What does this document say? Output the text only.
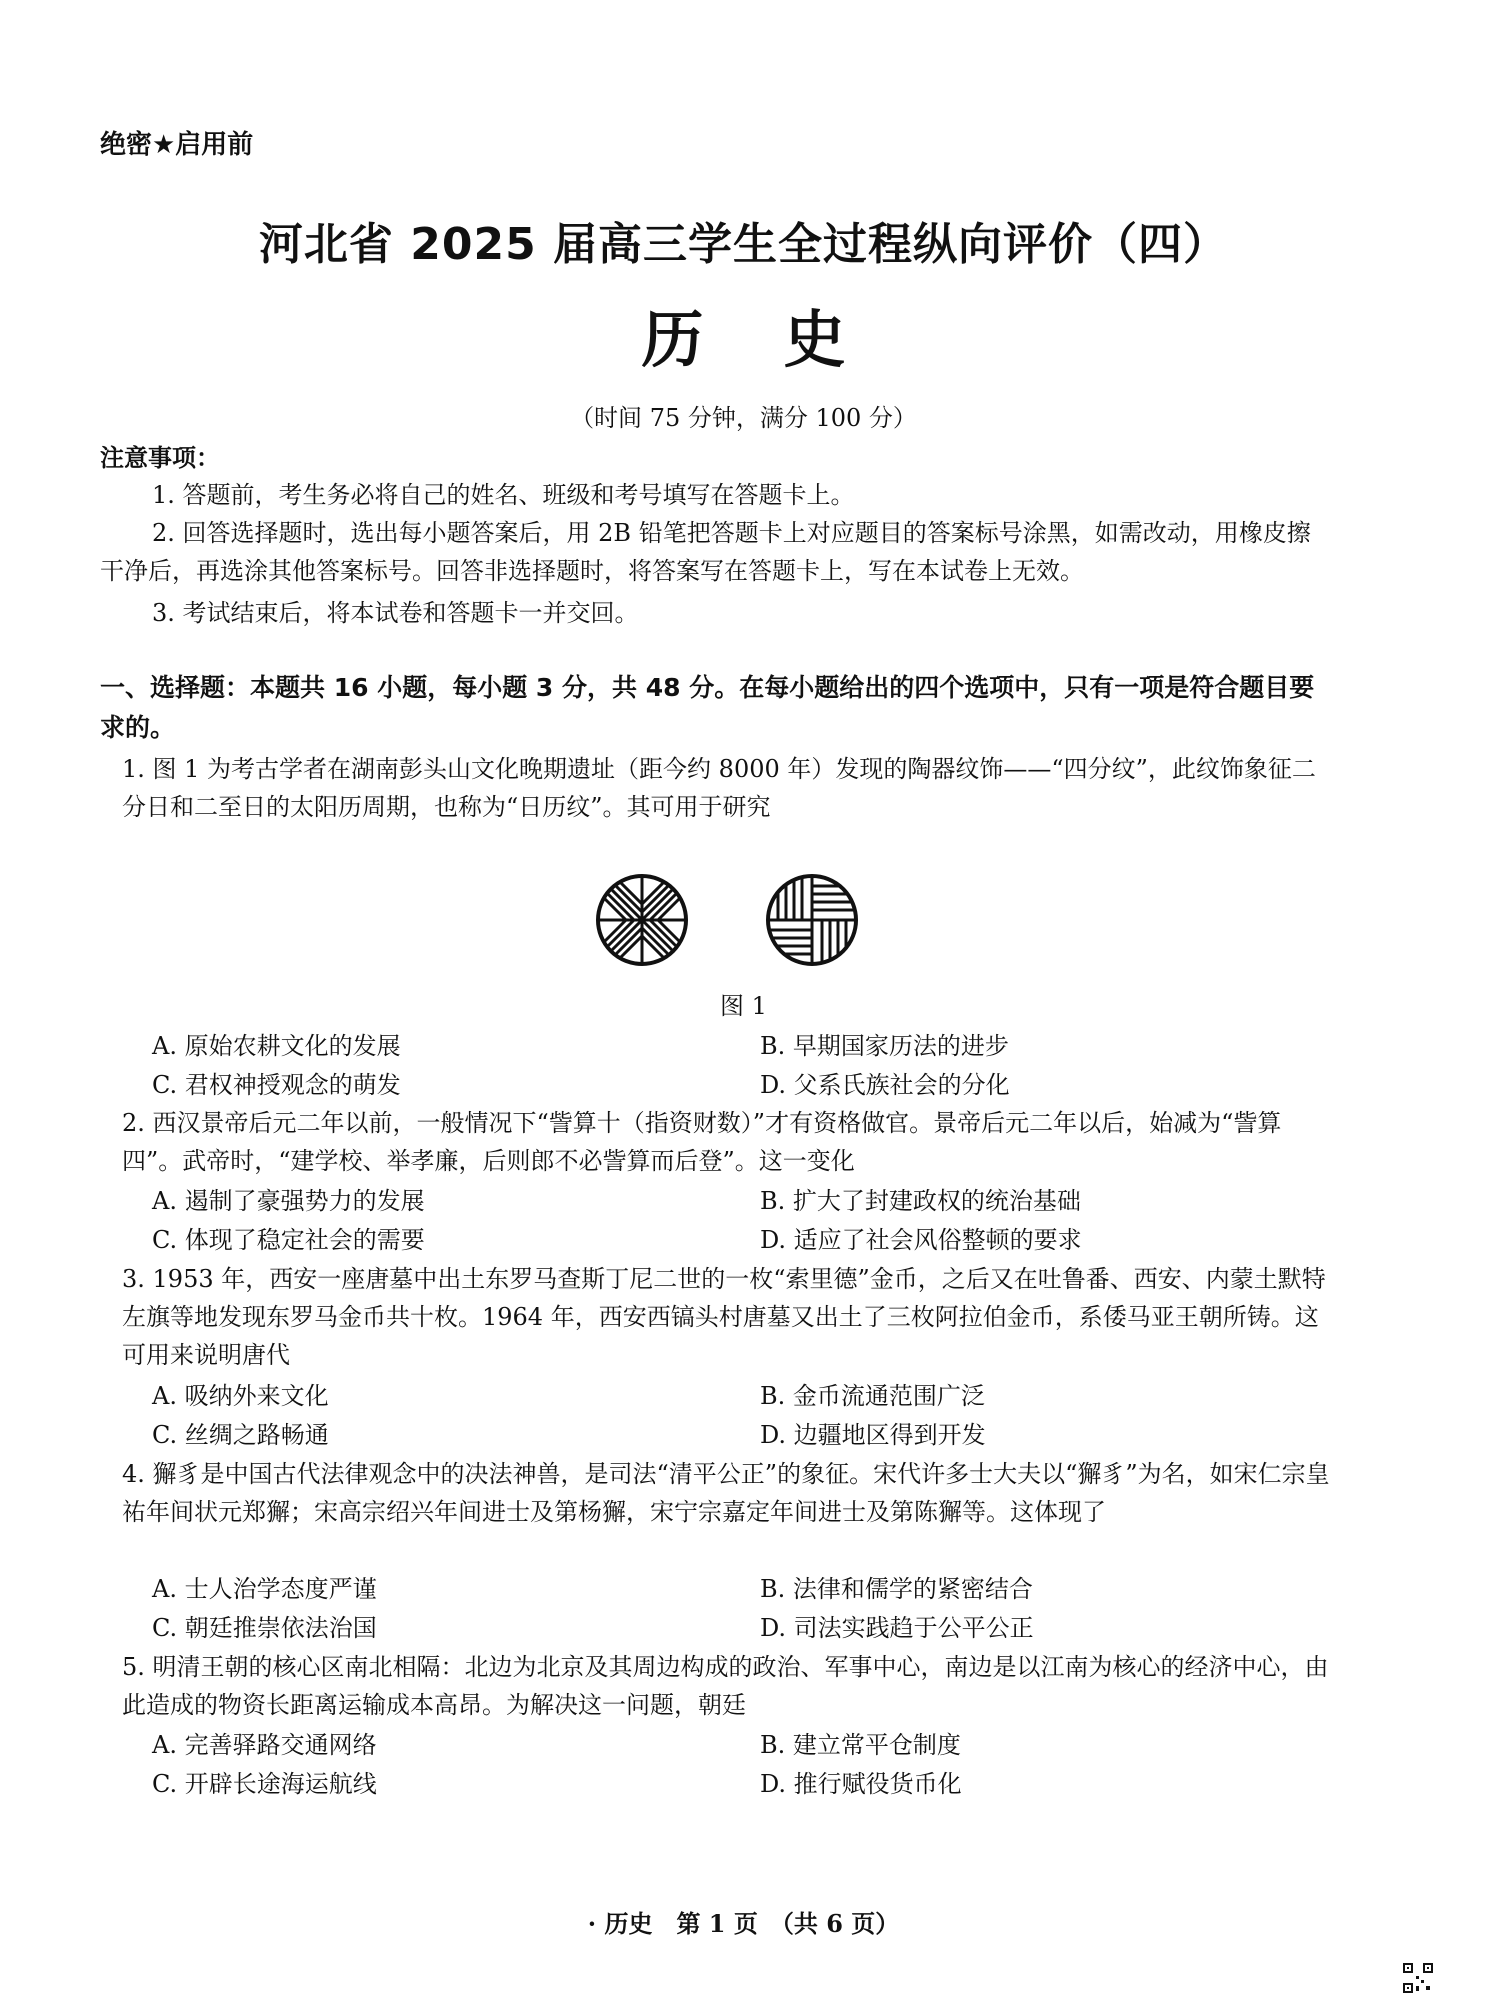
绝密★启用前
河北省 2025 届高三学生全过程纵向评价（四）
历史
（时间 75 分钟，满分 100 分）
注意事项：
1. 答题前，考生务必将自己的姓名、班级和考号填写在答题卡上。
2. 回答选择题时，选出每小题答案后，用 2B 铅笔把答题卡上对应题目的答案标号涂黑，如需改动，用橡皮擦干净后，再选涂其他答案标号。回答非选择题时，将答案写在答题卡上，写在本试卷上无效。
3. 考试结束后，将本试卷和答题卡一并交回。
一、选择题：本题共 16 小题，每小题 3 分，共 48 分。在每小题给出的四个选项中，只有一项是符合题目要求的。
1. 图 1 为考古学者在湖南彭头山文化晚期遗址（距今约 8000 年）发现的陶器纹饰——“四分纹”，此纹饰象征二分日和二至日的太阳历周期，也称为“日历纹”。其可用于研究
图 1
A. 原始农耕文化的发展	B. 早期国家历法的进步
C. 君权神授观念的萌发	D. 父系氏族社会的分化
2. 西汉景帝后元二年以前，一般情况下“訾算十（指资财数）”才有资格做官。景帝后元二年以后，始减为“訾算四”。武帝时，“建学校、举孝廉，后则郎不必訾算而后登”。这一变化
A. 遏制了豪强势力的发展	B. 扩大了封建政权的统治基础
C. 体现了稳定社会的需要	D. 适应了社会风俗整顿的要求
3. 1953 年，西安一座唐墓中出土东罗马查斯丁尼二世的一枚“索里德”金币，之后又在吐鲁番、西安、内蒙土默特左旗等地发现东罗马金币共十枚。1964 年，西安西镐头村唐墓又出土了三枚阿拉伯金币，系倭马亚王朝所铸。这可用来说明唐代
A. 吸纳外来文化	B. 金币流通范围广泛
C. 丝绸之路畅通	D. 边疆地区得到开发
4. 獬豸是中国古代法律观念中的决法神兽，是司法“清平公正”的象征。宋代许多士大夫以“獬豸”为名，如宋仁宗皇祐年间状元郑獬；宋高宗绍兴年间进士及第杨獬，宋宁宗嘉定年间进士及第陈獬等。这体现了
A. 士人治学态度严谨	B. 法律和儒学的紧密结合
C. 朝廷推崇依法治国	D. 司法实践趋于公平公正
5. 明清王朝的核心区南北相隔：北边为北京及其周边构成的政治、军事中心，南边是以江南为核心的经济中心，由此造成的物资长距离运输成本高昂。为解决这一问题，朝廷
A. 完善驿路交通网络	B. 建立常平仓制度
C. 开辟长途海运航线	D. 推行赋役货币化
· 历史　第 1 页　（共 6 页）
